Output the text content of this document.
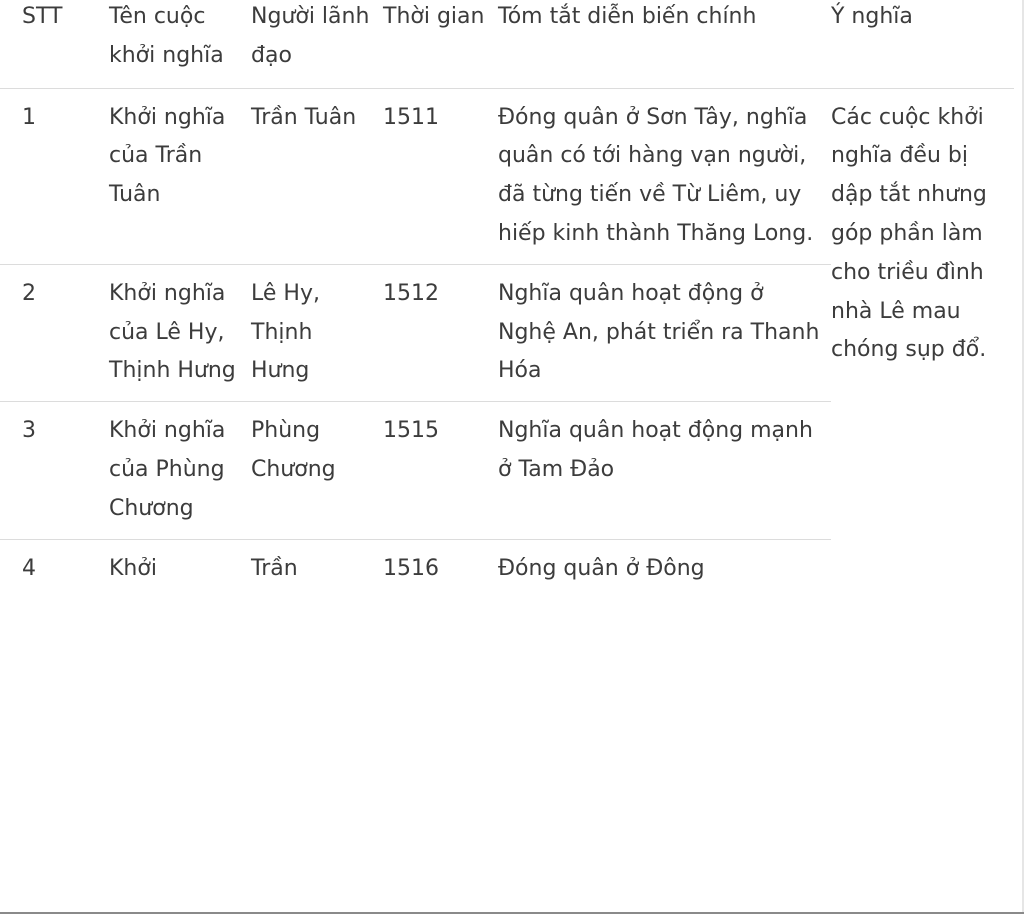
STT	Tên cuộc khởi nghĩa	Người lãnh đạo	Thời gian	Tóm tắt diễn biến chính	Ý nghĩa
1	Khởi nghĩa của Trần Tuân	Trần Tuân	1511	Đóng quân ở Sơn Tây, nghĩa quân có tới hàng vạn người, đã từng tiến về Từ Liêm, uy hiếp kinh thành Thăng Long.	Các cuộc khởi nghĩa đều bị dập tắt nhưng góp phần làm cho triều đình nhà Lê mau chóng sụp đổ.
2	Khởi nghĩa của Lê Hy, Thịnh Hưng	Lê Hy, Thịnh Hưng	1512	Nghĩa quân hoạt động ở Nghệ An, phát triển ra Thanh Hóa	
3	Khởi nghĩa của Phùng Chương	Phùng Chương	1515	Nghĩa quân hoạt động mạnh ở Tam Đảo	
4	Khởi	Trần	1516	Đóng quân ở Đông	
